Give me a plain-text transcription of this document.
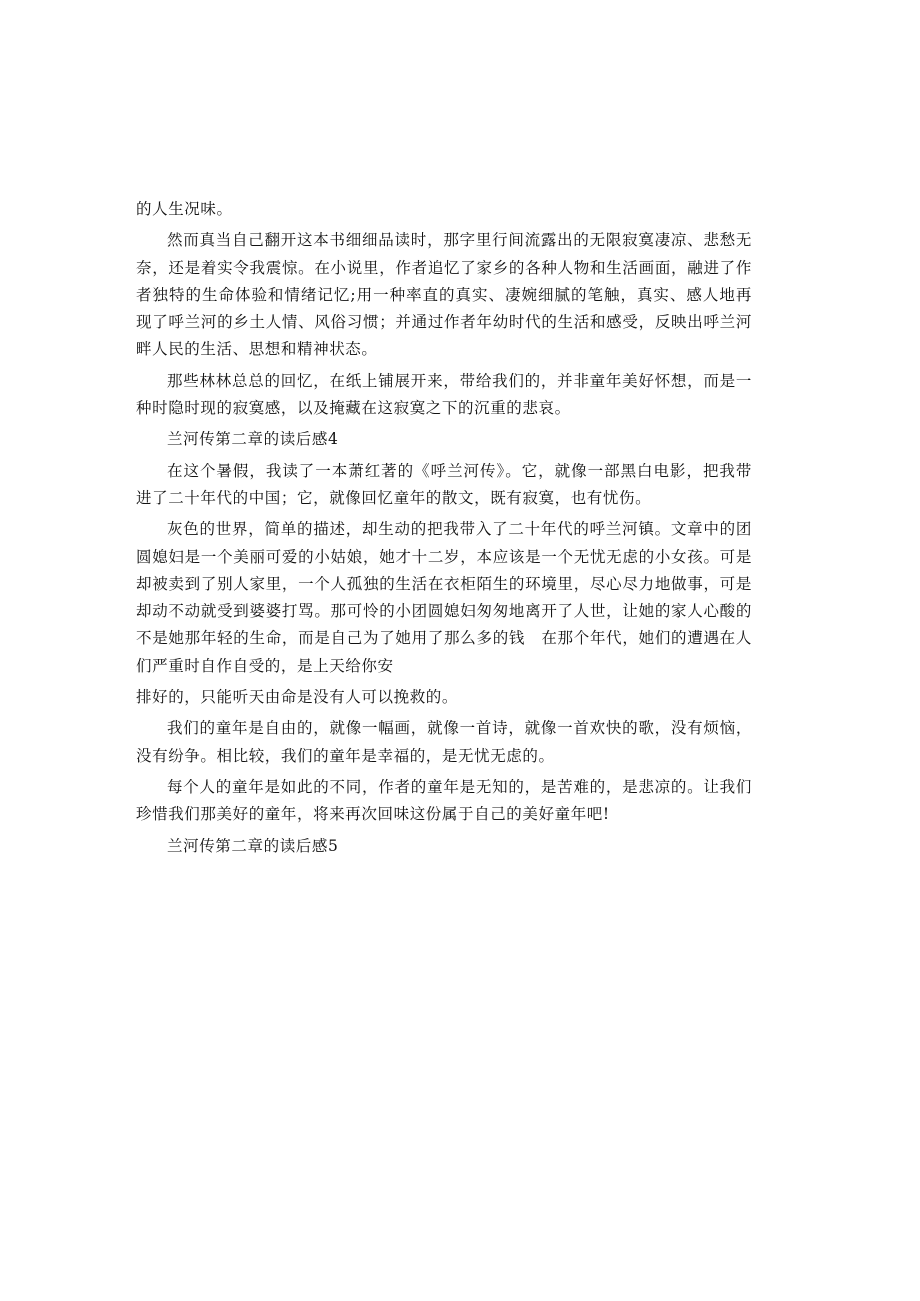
的人生况味。

然而真当自己翻开这本书细细品读时，那字里行间流露出的无限寂寞凄凉、悲愁无奈，还是着实令我震惊。在小说里，作者追忆了家乡的各种人物和生活画面，融进了作者独特的生命体验和情绪记忆;用一种率直的真实、凄婉细腻的笔触，真实、感人地再现了呼兰河的乡土人情、风俗习惯；并通过作者年幼时代的生活和感受，反映出呼兰河畔人民的生活、思想和精神状态。

那些林林总总的回忆，在纸上铺展开来，带给我们的，并非童年美好怀想，而是一种时隐时现的寂寞感，以及掩藏在这寂寞之下的沉重的悲哀。

兰河传第二章的读后感4

在这个暑假，我读了一本萧红著的《呼兰河传》。它，就像一部黑白电影，把我带进了二十年代的中国；它，就像回忆童年的散文，既有寂寞，也有忧伤。

灰色的世界，简单的描述，却生动的把我带入了二十年代的呼兰河镇。文章中的团圆媳妇是一个美丽可爱的小姑娘，她才十二岁，本应该是一个无忧无虑的小女孩。可是却被卖到了别人家里，一个人孤独的生活在衣柜陌生的环境里，尽心尽力地做事，可是却动不动就受到婆婆打骂。那可怜的小团圆媳妇匆匆地离开了人世，让她的家人心酸的不是她那年轻的生命，而是自己为了她用了那么多的钱　在那个年代，她们的遭遇在人们严重时自作自受的，是上天给你安

排好的，只能听天由命是没有人可以挽救的。

我们的童年是自由的，就像一幅画，就像一首诗，就像一首欢快的歌，没有烦恼，没有纷争。相比较，我们的童年是幸福的，是无忧无虑的。

每个人的童年是如此的不同，作者的童年是无知的，是苦难的，是悲凉的。让我们珍惜我们那美好的童年，将来再次回味这份属于自己的美好童年吧!

兰河传第二章的读后感5
